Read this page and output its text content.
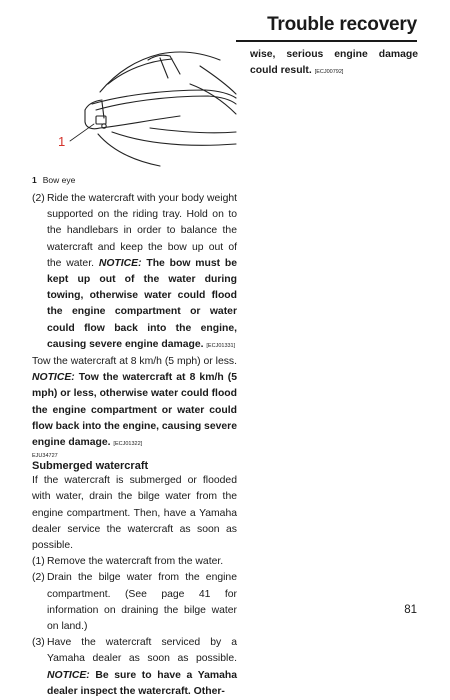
Trouble recovery
1
1 Bow eye
(2) Ride the watercraft with your body weight supported on the riding tray. Hold on to the handlebars in order to balance the watercraft and keep the bow up out of the water. NOTICE: The bow must be kept up out of the water during towing, otherwise water could flood the engine compartment or water could flow back into the engine, causing severe engine damage. [ECJ01331]
Tow the watercraft at 8 km/h (5 mph) or less. NOTICE: Tow the watercraft at 8 km/h (5 mph) or less, otherwise water could flood the engine compartment or water could flow back into the engine, causing severe engine damage. [ECJ01322]
EJU34727
Submerged watercraft
If the watercraft is submerged or flooded with water, drain the bilge water from the engine compartment. Then, have a Yamaha dealer service the watercraft as soon as possible.
(1) Remove the watercraft from the water.
(2) Drain the bilge water from the engine compartment. (See page 41 for information on draining the bilge water on land.)
(3) Have the watercraft serviced by a Yamaha dealer as soon as possible. NOTICE: Be sure to have a Yamaha dealer inspect the watercraft. Other-
wise, serious engine damage could result. [ECJ00792]
81
